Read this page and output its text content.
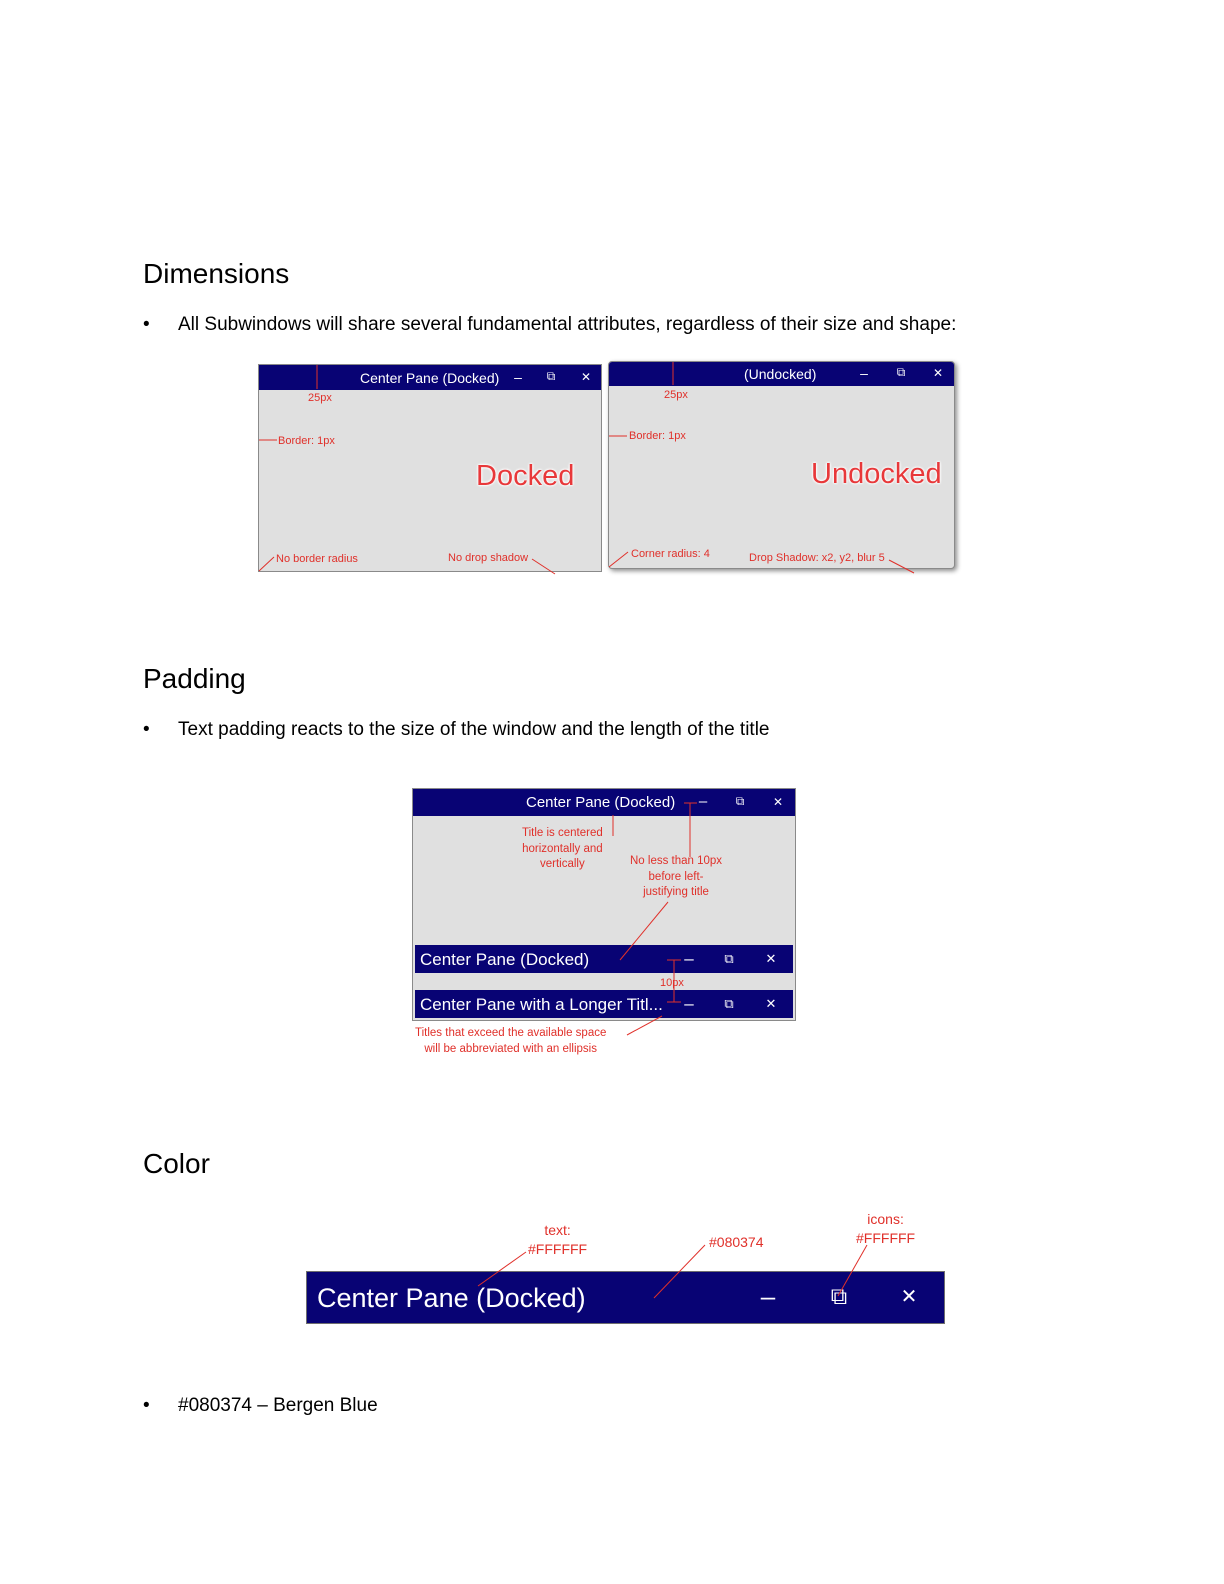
Dimensions
•	All Subwindows will share several fundamental attributes, regardless of their size and shape:
Center Pane (Docked) –	⧉	✕
25px
Border: 1px
Docked
No border radius	No drop shadow
(Undocked)	–	⧉	✕
25px
Border: 1px
Undocked
Corner radius: 4	Drop Shadow: x2, y2, blur 5
Padding
•	Text padding reacts to the size of the window and the length of the title
Center Pane (Docked) –	⧉	✕
Title is centered
horizontally and
vertically	No less than 10px
before left-
justifying title
Center Pane (Docked)	– ⧉ ✕
10px
Center Pane with a Longer Titl... – ⧉ ✕
Titles that exceed the available space
will be abbreviated with an ellipsis
Color
text:
#FFFFFF	#080374
icons:
#FFFFFF
Center Pane (Docked)	– ⧉	✕
•	#080374 – Bergen Blue
